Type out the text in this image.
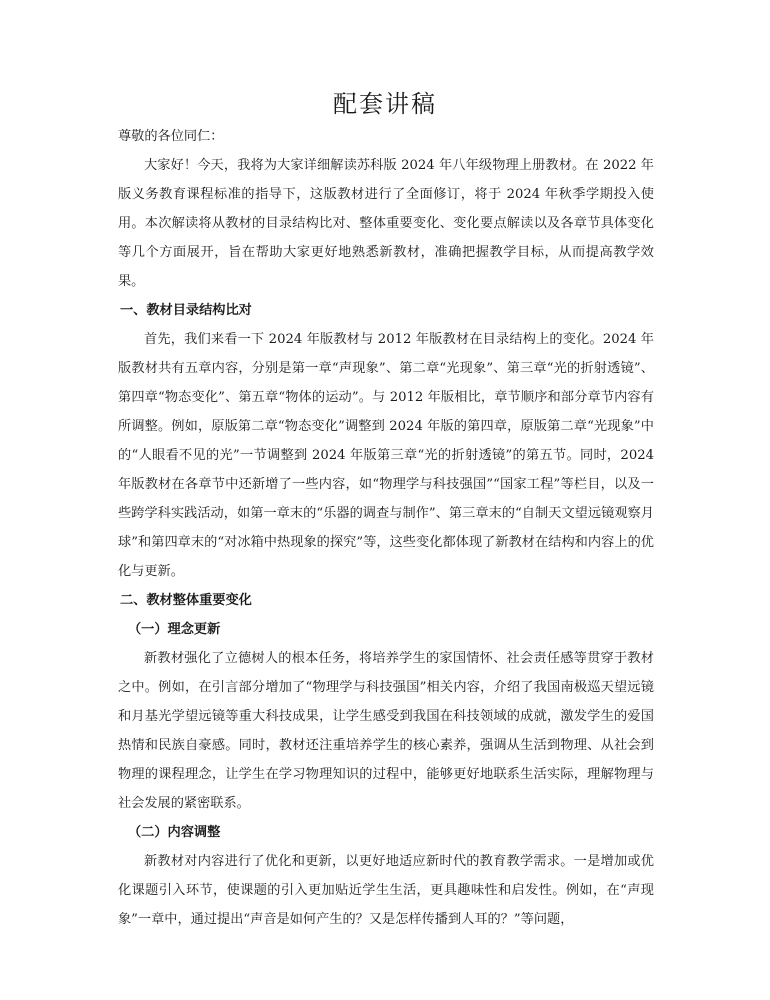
配套讲稿

尊敬的各位同仁：

大家好！今天，我将为大家详细解读苏科版 2024 年八年级物理上册教材。在 2022 年版义务教育课程标准的指导下，这版教材进行了全面修订，将于 2024 年秋季学期投入使用。本次解读将从教材的目录结构比对、整体重要变化、变化要点解读以及各章节具体变化等几个方面展开，旨在帮助大家更好地熟悉新教材，准确把握教学目标，从而提高教学效果。

一、教材目录结构比对

首先，我们来看一下 2024 年版教材与 2012 年版教材在目录结构上的变化。2024 年版教材共有五章内容，分别是第一章“声现象”、第二章“光现象”、第三章“光的折射透镜”、第四章“物态变化”、第五章“物体的运动”。与 2012 年版相比，章节顺序和部分章节内容有所调整。例如，原版第二章“物态变化”调整到 2024 年版的第四章，原版第二章“光现象”中的“人眼看不见的光”一节调整到 2024 年版第三章“光的折射透镜”的第五节。同时，2024 年版教材在各章节中还新增了一些内容，如“物理学与科技强国”“国家工程”等栏目，以及一些跨学科实践活动，如第一章末的“乐器的调查与制作”、第三章末的“自制天文望远镜观察月球”和第四章末的“对冰箱中热现象的探究”等，这些变化都体现了新教材在结构和内容上的优化与更新。

二、教材整体重要变化

（一）理念更新

新教材强化了立德树人的根本任务，将培养学生的家国情怀、社会责任感等贯穿于教材之中。例如，在引言部分增加了“物理学与科技强国”相关内容，介绍了我国南极巡天望远镜和月基光学望远镜等重大科技成果，让学生感受到我国在科技领域的成就，激发学生的爱国热情和民族自豪感。同时，教材还注重培养学生的核心素养，强调从生活到物理、从社会到物理的课程理念，让学生在学习物理知识的过程中，能够更好地联系生活实际，理解物理与社会发展的紧密联系。

（二）内容调整

新教材对内容进行了优化和更新，以更好地适应新时代的教育教学需求。一是增加或优化课题引入环节，使课题的引入更加贴近学生生活，更具趣味性和启发性。例如，在“声现象”一章中，通过提出“声音是如何产生的？又是怎样传播到人耳的？”等问题，
